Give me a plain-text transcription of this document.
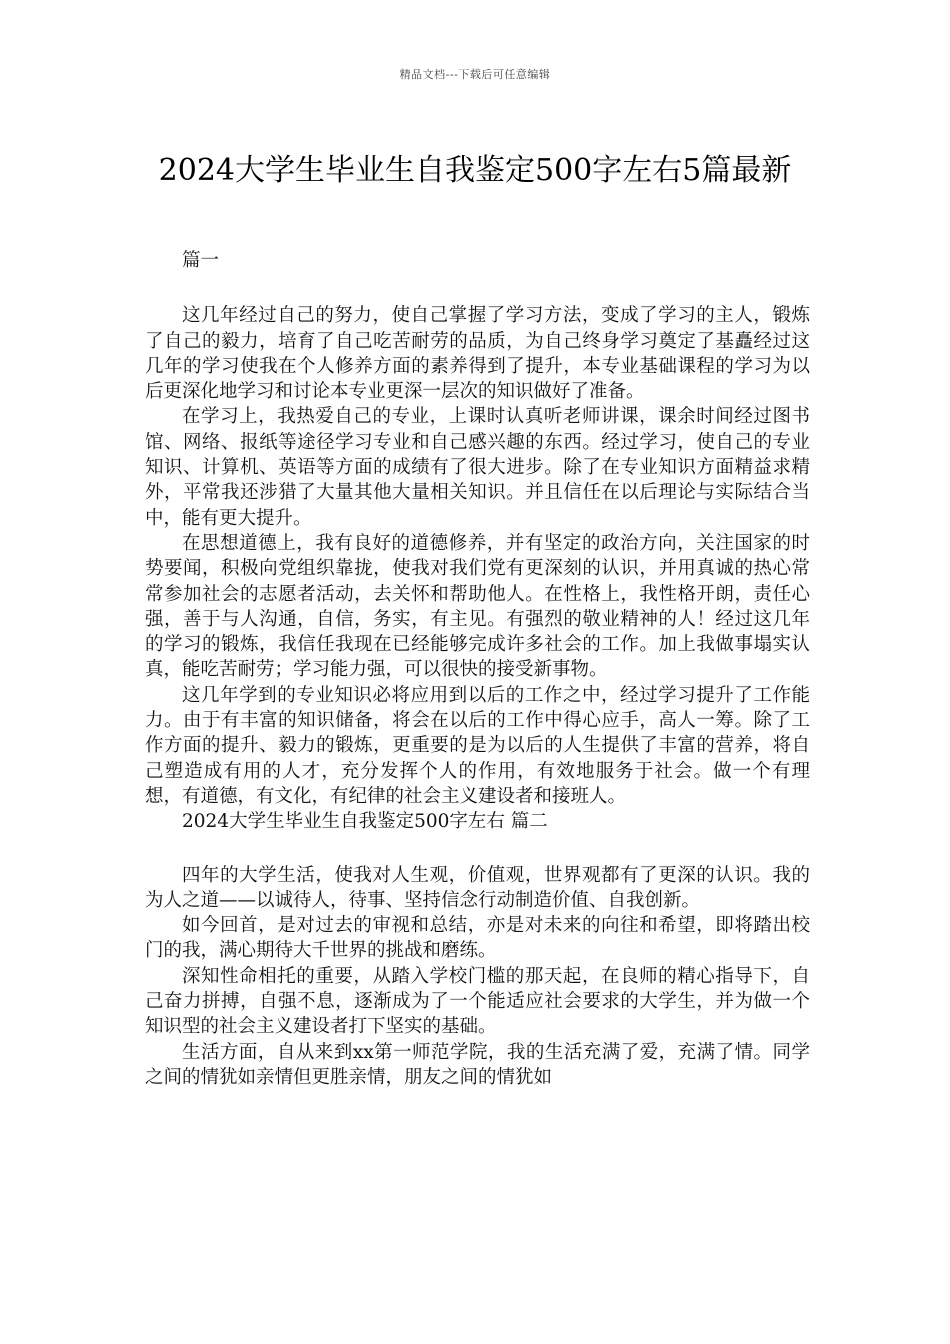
精品文档---下载后可任意编辑
2024大学生毕业生自我鉴定500字左右5篇最新

篇一

这几年经过自己的努力，使自己掌握了学习方法，变成了学习的主人，锻炼了自己的毅力，培育了自己吃苦耐劳的品质，为自己终身学习奠定了基矗经过这几年的学习使我在个人修养方面的素养得到了提升，本专业基础课程的学习为以后更深化地学习和讨论本专业更深一层次的知识做好了准备。

在学习上，我热爱自己的专业，上课时认真听老师讲课，课余时间经过图书馆、网络、报纸等途径学习专业和自己感兴趣的东西。经过学习，使自己的专业知识、计算机、英语等方面的成绩有了很大进步。除了在专业知识方面精益求精外，平常我还涉猎了大量其他大量相关知识。并且信任在以后理论与实际结合当中，能有更大提升。

在思想道德上，我有良好的道德修养，并有坚定的政治方向，关注国家的时势要闻，积极向党组织靠拢，使我对我们党有更深刻的认识，并用真诚的热心常常参加社会的志愿者活动，去关怀和帮助他人。在性格上，我性格开朗，责任心强，善于与人沟通，自信，务实，有主见。有强烈的敬业精神的人！经过这几年的学习的锻炼，我信任我现在已经能够完成许多社会的工作。加上我做事塌实认真，能吃苦耐劳；学习能力强，可以很快的接受新事物。

这几年学到的专业知识必将应用到以后的工作之中，经过学习提升了工作能力。由于有丰富的知识储备，将会在以后的工作中得心应手，高人一筹。除了工作方面的提升、毅力的锻炼，更重要的是为以后的人生提供了丰富的营养，将自己塑造成有用的人才，充分发挥个人的作用，有效地服务于社会。做一个有理想，有道德，有文化，有纪律的社会主义建设者和接班人。

2024大学生毕业生自我鉴定500字左右 篇二

四年的大学生活，使我对人生观，价值观，世界观都有了更深的认识。我的为人之道——以诚待人，待事、坚持信念行动制造价值、自我创新。

如今回首，是对过去的审视和总结，亦是对未来的向往和希望，即将踏出校门的我，满心期待大千世界的挑战和磨练。

深知性命相托的重要，从踏入学校门槛的那天起，在良师的精心指导下，自己奋力拼搏，自强不息，逐渐成为了一个能适应社会要求的大学生，并为做一个知识型的社会主义建设者打下坚实的基础。

生活方面，自从来到xx第一师范学院，我的生活充满了爱，充满了情。同学之间的情犹如亲情但更胜亲情，朋友之间的情犹如
